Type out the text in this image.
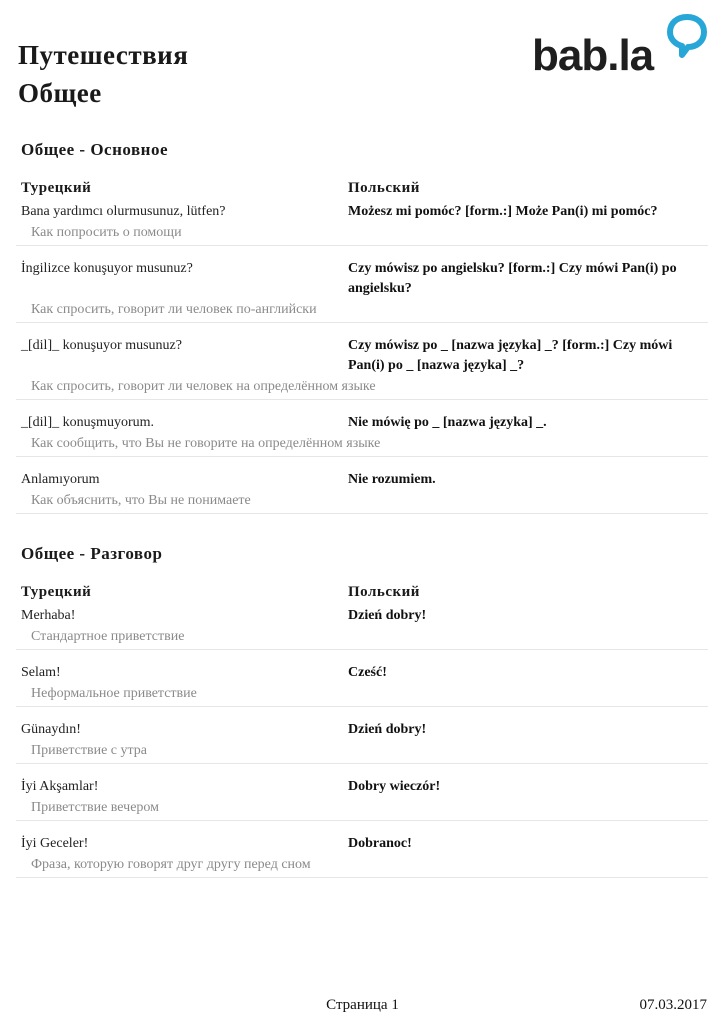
Путешествия
Общее
bab.la
Общее - Основное
Турецкий	Польский
Bana yardımcı olurmusunuz, lütfen?	Możesz mi pomóc? [form.:] Może Pan(i) mi pomóc?
Как попросить о помощи
İngilizce konuşuyor musunuz?	Czy mówisz po angielsku? [form.:] Czy mówi Pan(i) po angielsku?
Как спросить, говорит ли человек по-английски
_[dil]_ konuşuyor musunuz?	Czy mówisz po _ [nazwa języka] _? [form.:] Czy mówi Pan(i) po _ [nazwa języka] _?
Как спросить, говорит ли человек на определённом языке
_[dil]_ konuşmuyorum.	Nie mówię po _ [nazwa języka] _.
Как сообщить, что Вы не говорите на определённом языке
Anlamıyorum	Nie rozumiem.
Как объяснить, что Вы не понимаете
Общее - Разговор
Турецкий	Польский
Merhaba!	Dzień dobry!
Стандартное приветствие
Selam!	Cześć!
Неформальное приветствие
Günaydın!	Dzień dobry!
Приветствие с утра
İyi Akşamlar!	Dobry wieczór!
Приветствие вечером
İyi Geceler!	Dobranoc!
Фраза, которую говорят друг другу перед сном
Страница 1	07.03.2017
